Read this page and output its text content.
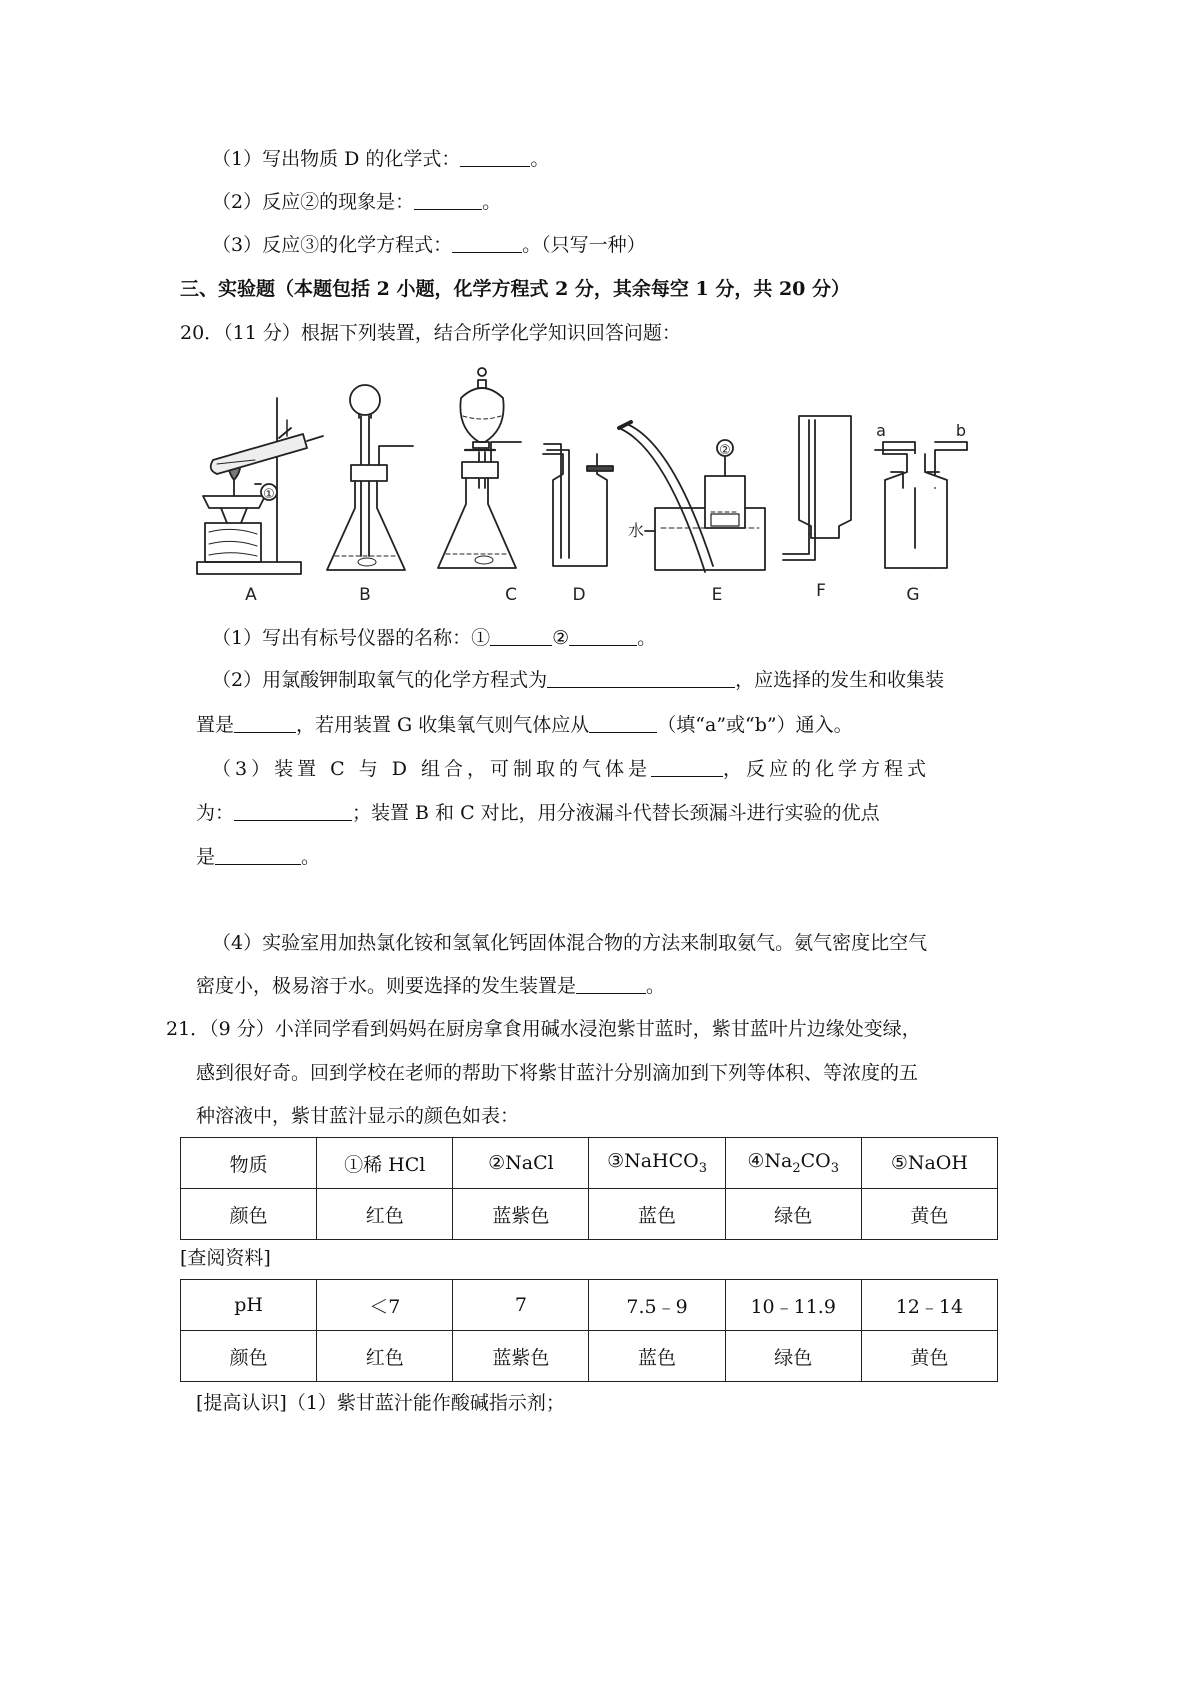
（1）写出物质 D 的化学式：	。
（2）反应②的现象是：	。
（3）反应③的化学方程式：	。（只写一种）
三、实验题（本题包括 2 小题，化学方程式 2 分，其余每空 1 分，共 20 分）
20．（11 分）根据下列装置，结合所学化学知识回答问题：
①
②
水
a	b
A	B	C	D	E	F	G
（1）写出有标号仪器的名称：①	②	。
（2）用氯酸钾制取氧气的化学方程式为	，应选择的发生和收集装
置是	，若用装置 G 收集氧气则气体应从	（填“a”或“b”）通入。
（3）装置 C 与 D 组合，可制取的气体是	，反应的化学方程式
为：	；装置 B 和 C 对比，用分液漏斗代替长颈漏斗进行实验的优点
是	。
（4）实验室用加热氯化铵和氢氧化钙固体混合物的方法来制取氨气。氨气密度比空气
密度小，极易溶于水。则要选择的发生装置是	。
21．（9 分）小洋同学看到妈妈在厨房拿食用碱水浸泡紫甘蓝时，紫甘蓝叶片边缘处变绿，
感到很好奇。回到学校在老师的帮助下将紫甘蓝汁分别滴加到下列等体积、等浓度的五
种溶液中，紫甘蓝汁显示的颜色如表：
物质	①稀 HCl	②NaCl	③NaHCO$_3$	$④Na_2CO_3$	⑤NaOH
颜色	红色	蓝紫色	蓝色	绿色	黄色
[查阅资料]
pH	＜7	7	7.5﹣9	10﹣11.9	12﹣14
颜色	红色	蓝紫色	蓝色	绿色	黄色
[提高认识]（1）紫甘蓝汁能作酸碱指示剂；
